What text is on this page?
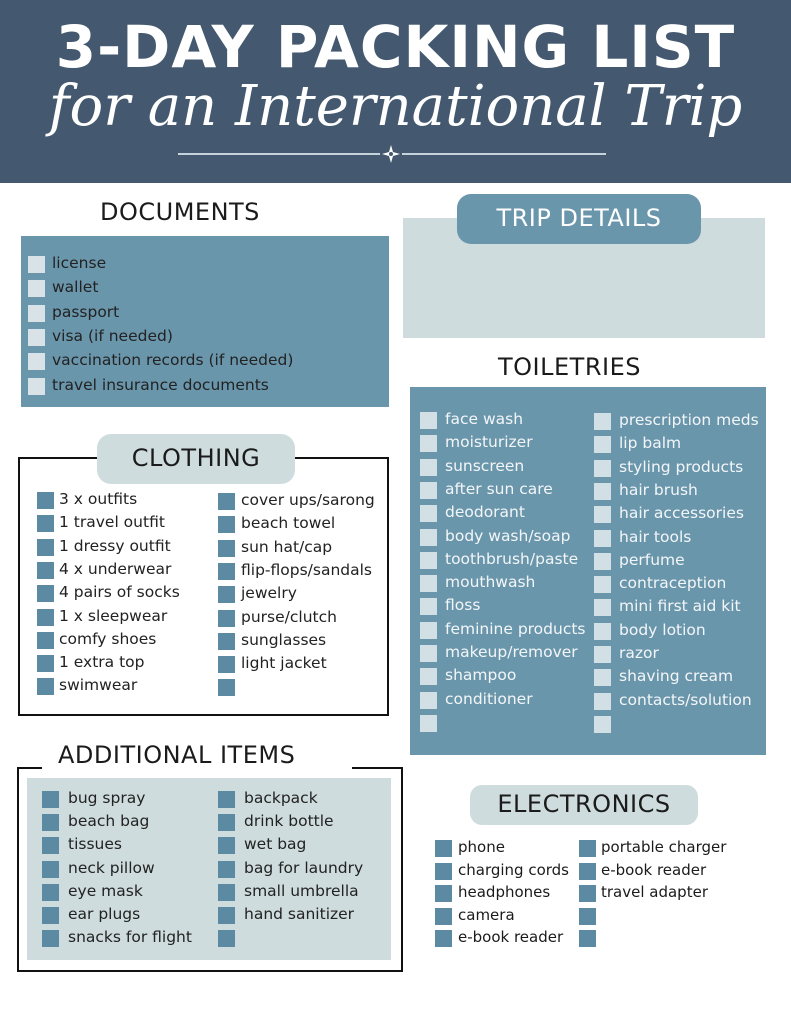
3-DAY PACKING LIST
for an International Trip
DOCUMENTS
license
wallet
passport
visa (if needed)
vaccination records (if needed)
travel insurance documents
TRIP DETAILS
TOILETRIES
face wash
moisturizer
sunscreen
after sun care
deodorant
body wash/soap
toothbrush/paste
mouthwash
floss
feminine products
makeup/remover
shampoo
conditioner
prescription meds
lip balm
styling products
hair brush
hair accessories
hair tools
perfume
contraception
mini first aid kit
body lotion
razor
shaving cream
contacts/solution
CLOTHING
3 x outfits
1 travel outfit
1 dressy outfit
4 x underwear
4 pairs of socks
1 x sleepwear
comfy shoes
1 extra top
swimwear
cover ups/sarong
beach towel
sun hat/cap
flip-flops/sandals
jewelry
purse/clutch
sunglasses
light jacket
ADDITIONAL ITEMS
bug spray
beach bag
tissues
neck pillow
eye mask
ear plugs
snacks for flight
backpack
drink bottle
wet bag
bag for laundry
small umbrella
hand sanitizer
ELECTRONICS
phone
charging cords
headphones
camera
e-book reader
portable charger
e-book reader
travel adapter
